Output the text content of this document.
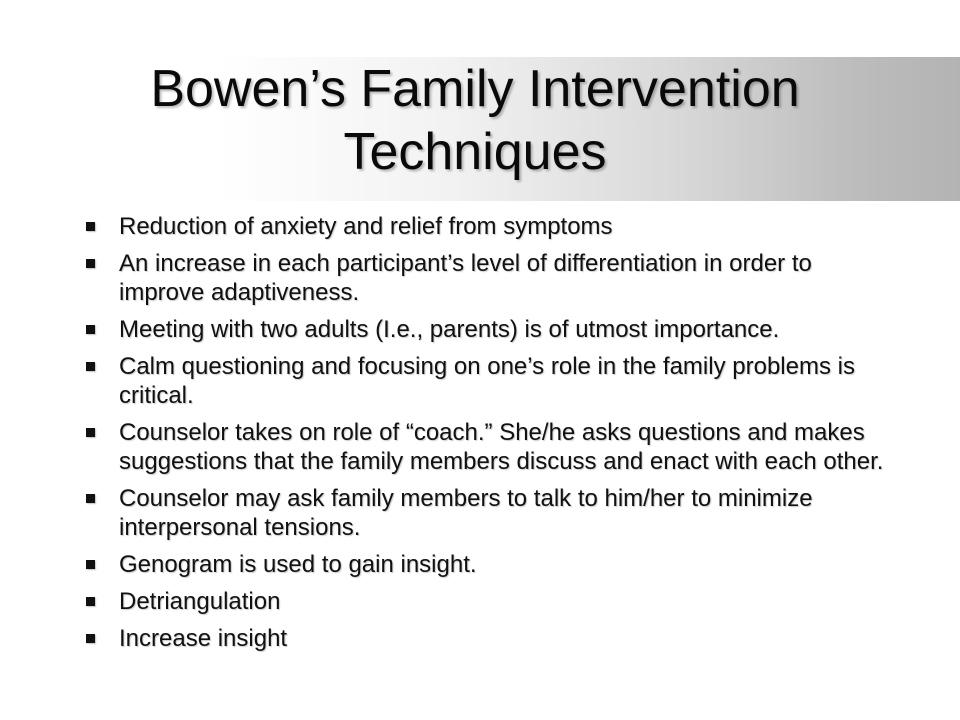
Bowen’s Family Intervention
Techniques
Reduction of anxiety and relief from symptoms
An increase in each participant’s level of differentiation in order to improve adaptiveness.
Meeting with two adults (I.e., parents) is of utmost importance.
Calm questioning and focusing on one’s role in the family problems is critical.
Counselor takes on role of “coach.” She/he asks questions and makes suggestions that the family members discuss and enact with each other.
Counselor may ask family members to talk to him/her to minimize interpersonal tensions.
Genogram is used to gain insight.
Detriangulation
Increase insight
